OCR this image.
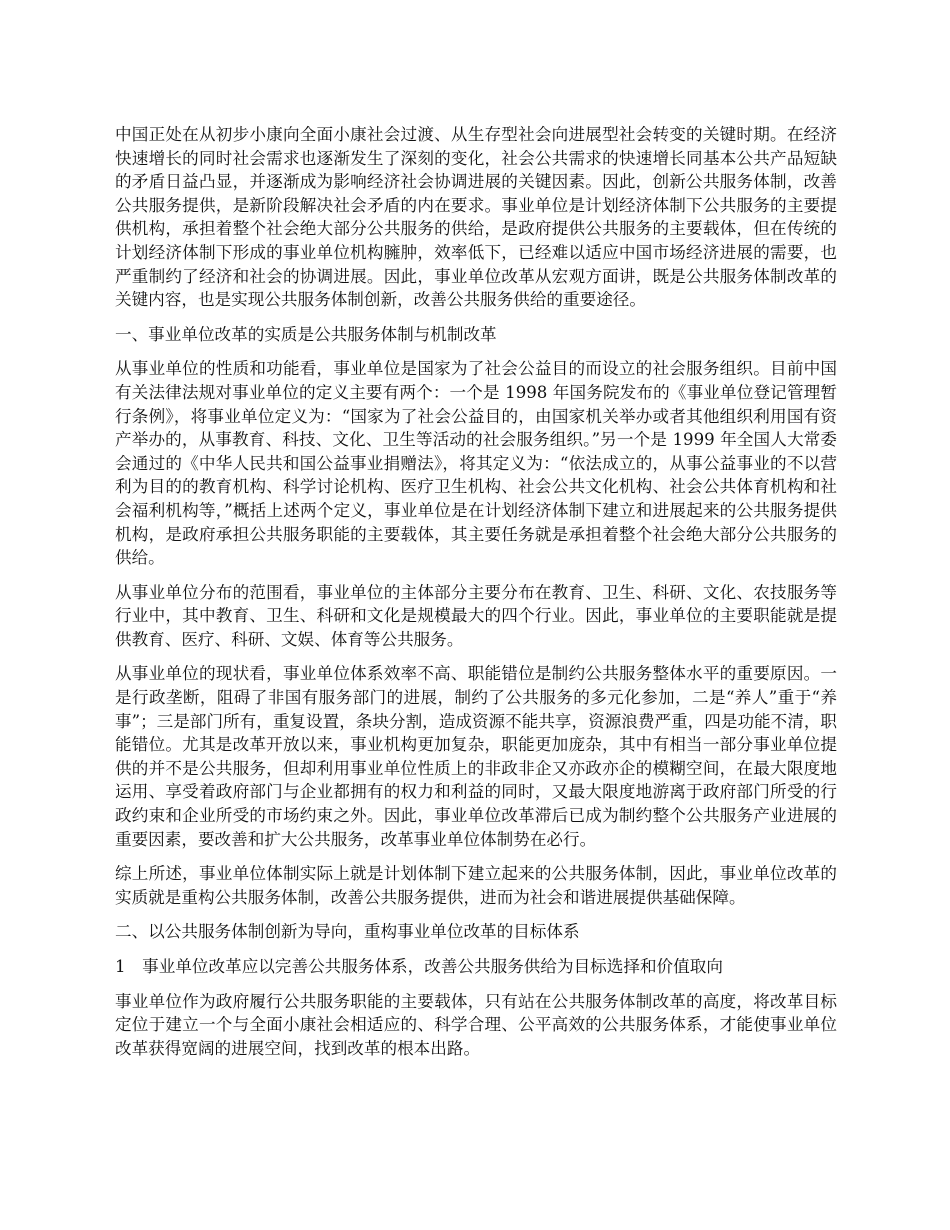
中国正处在从初步小康向全面小康社会过渡、从生存型社会向进展型社会转变的关键时期。在经济快速增长的同时社会需求也逐渐发生了深刻的变化，社会公共需求的快速增长同基本公共产品短缺的矛盾日益凸显，并逐渐成为影响经济社会协调进展的关键因素。因此，创新公共服务体制，改善公共服务提供，是新阶段解决社会矛盾的内在要求。事业单位是计划经济体制下公共服务的主要提供机构，承担着整个社会绝大部分公共服务的供给，是政府提供公共服务的主要载体，但在传统的计划经济体制下形成的事业单位机构臃肿，效率低下，已经难以适应中国市场经济进展的需要，也严重制约了经济和社会的协调进展。因此，事业单位改革从宏观方面讲，既是公共服务体制改革的关键内容，也是实现公共服务体制创新，改善公共服务供给的重要途径。

一、事业单位改革的实质是公共服务体制与机制改革

从事业单位的性质和功能看，事业单位是国家为了社会公益目的而设立的社会服务组织。目前中国有关法律法规对事业单位的定义主要有两个：一个是 1998 年国务院发布的《事业单位登记管理暂行条例》，将事业单位定义为：“国家为了社会公益目的，由国家机关举办或者其他组织利用国有资产举办的，从事教育、科技、文化、卫生等活动的社会服务组织。”另一个是 1999 年全国人大常委会通过的《中华人民共和国公益事业捐赠法》，将其定义为：“依法成立的，从事公益事业的不以营利为目的的教育机构、科学讨论机构、医疗卫生机构、社会公共文化机构、社会公共体育机构和社会福利机构等，”概括上述两个定义，事业单位是在计划经济体制下建立和进展起来的公共服务提供机构，是政府承担公共服务职能的主要载体，其主要任务就是承担着整个社会绝大部分公共服务的供给。

从事业单位分布的范围看，事业单位的主体部分主要分布在教育、卫生、科研、文化、农技服务等行业中，其中教育、卫生、科研和文化是规模最大的四个行业。因此，事业单位的主要职能就是提供教育、医疗、科研、文娱、体育等公共服务。

从事业单位的现状看，事业单位体系效率不高、职能错位是制约公共服务整体水平的重要原因。一是行政垄断，阻碍了非国有服务部门的进展，制约了公共服务的多元化参加，二是“养人”重于“养事”；三是部门所有，重复设置，条块分割，造成资源不能共享，资源浪费严重，四是功能不清，职能错位。尤其是改革开放以来，事业机构更加复杂，职能更加庞杂，其中有相当一部分事业单位提供的并不是公共服务，但却利用事业单位性质上的非政非企又亦政亦企的模糊空间，在最大限度地运用、享受着政府部门与企业都拥有的权力和利益的同时，又最大限度地游离于政府部门所受的行政约束和企业所受的市场约束之外。因此，事业单位改革滞后已成为制约整个公共服务产业进展的重要因素，要改善和扩大公共服务，改革事业单位体制势在必行。

综上所述，事业单位体制实际上就是计划体制下建立起来的公共服务体制，因此，事业单位改革的实质就是重构公共服务体制，改善公共服务提供，进而为社会和谐进展提供基础保障。

二、以公共服务体制创新为导向，重构事业单位改革的目标体系

1　事业单位改革应以完善公共服务体系，改善公共服务供给为目标选择和价值取向

事业单位作为政府履行公共服务职能的主要载体，只有站在公共服务体制改革的高度，将改革目标定位于建立一个与全面小康社会相适应的、科学合理、公平高效的公共服务体系，才能使事业单位改革获得宽阔的进展空间，找到改革的根本出路。
